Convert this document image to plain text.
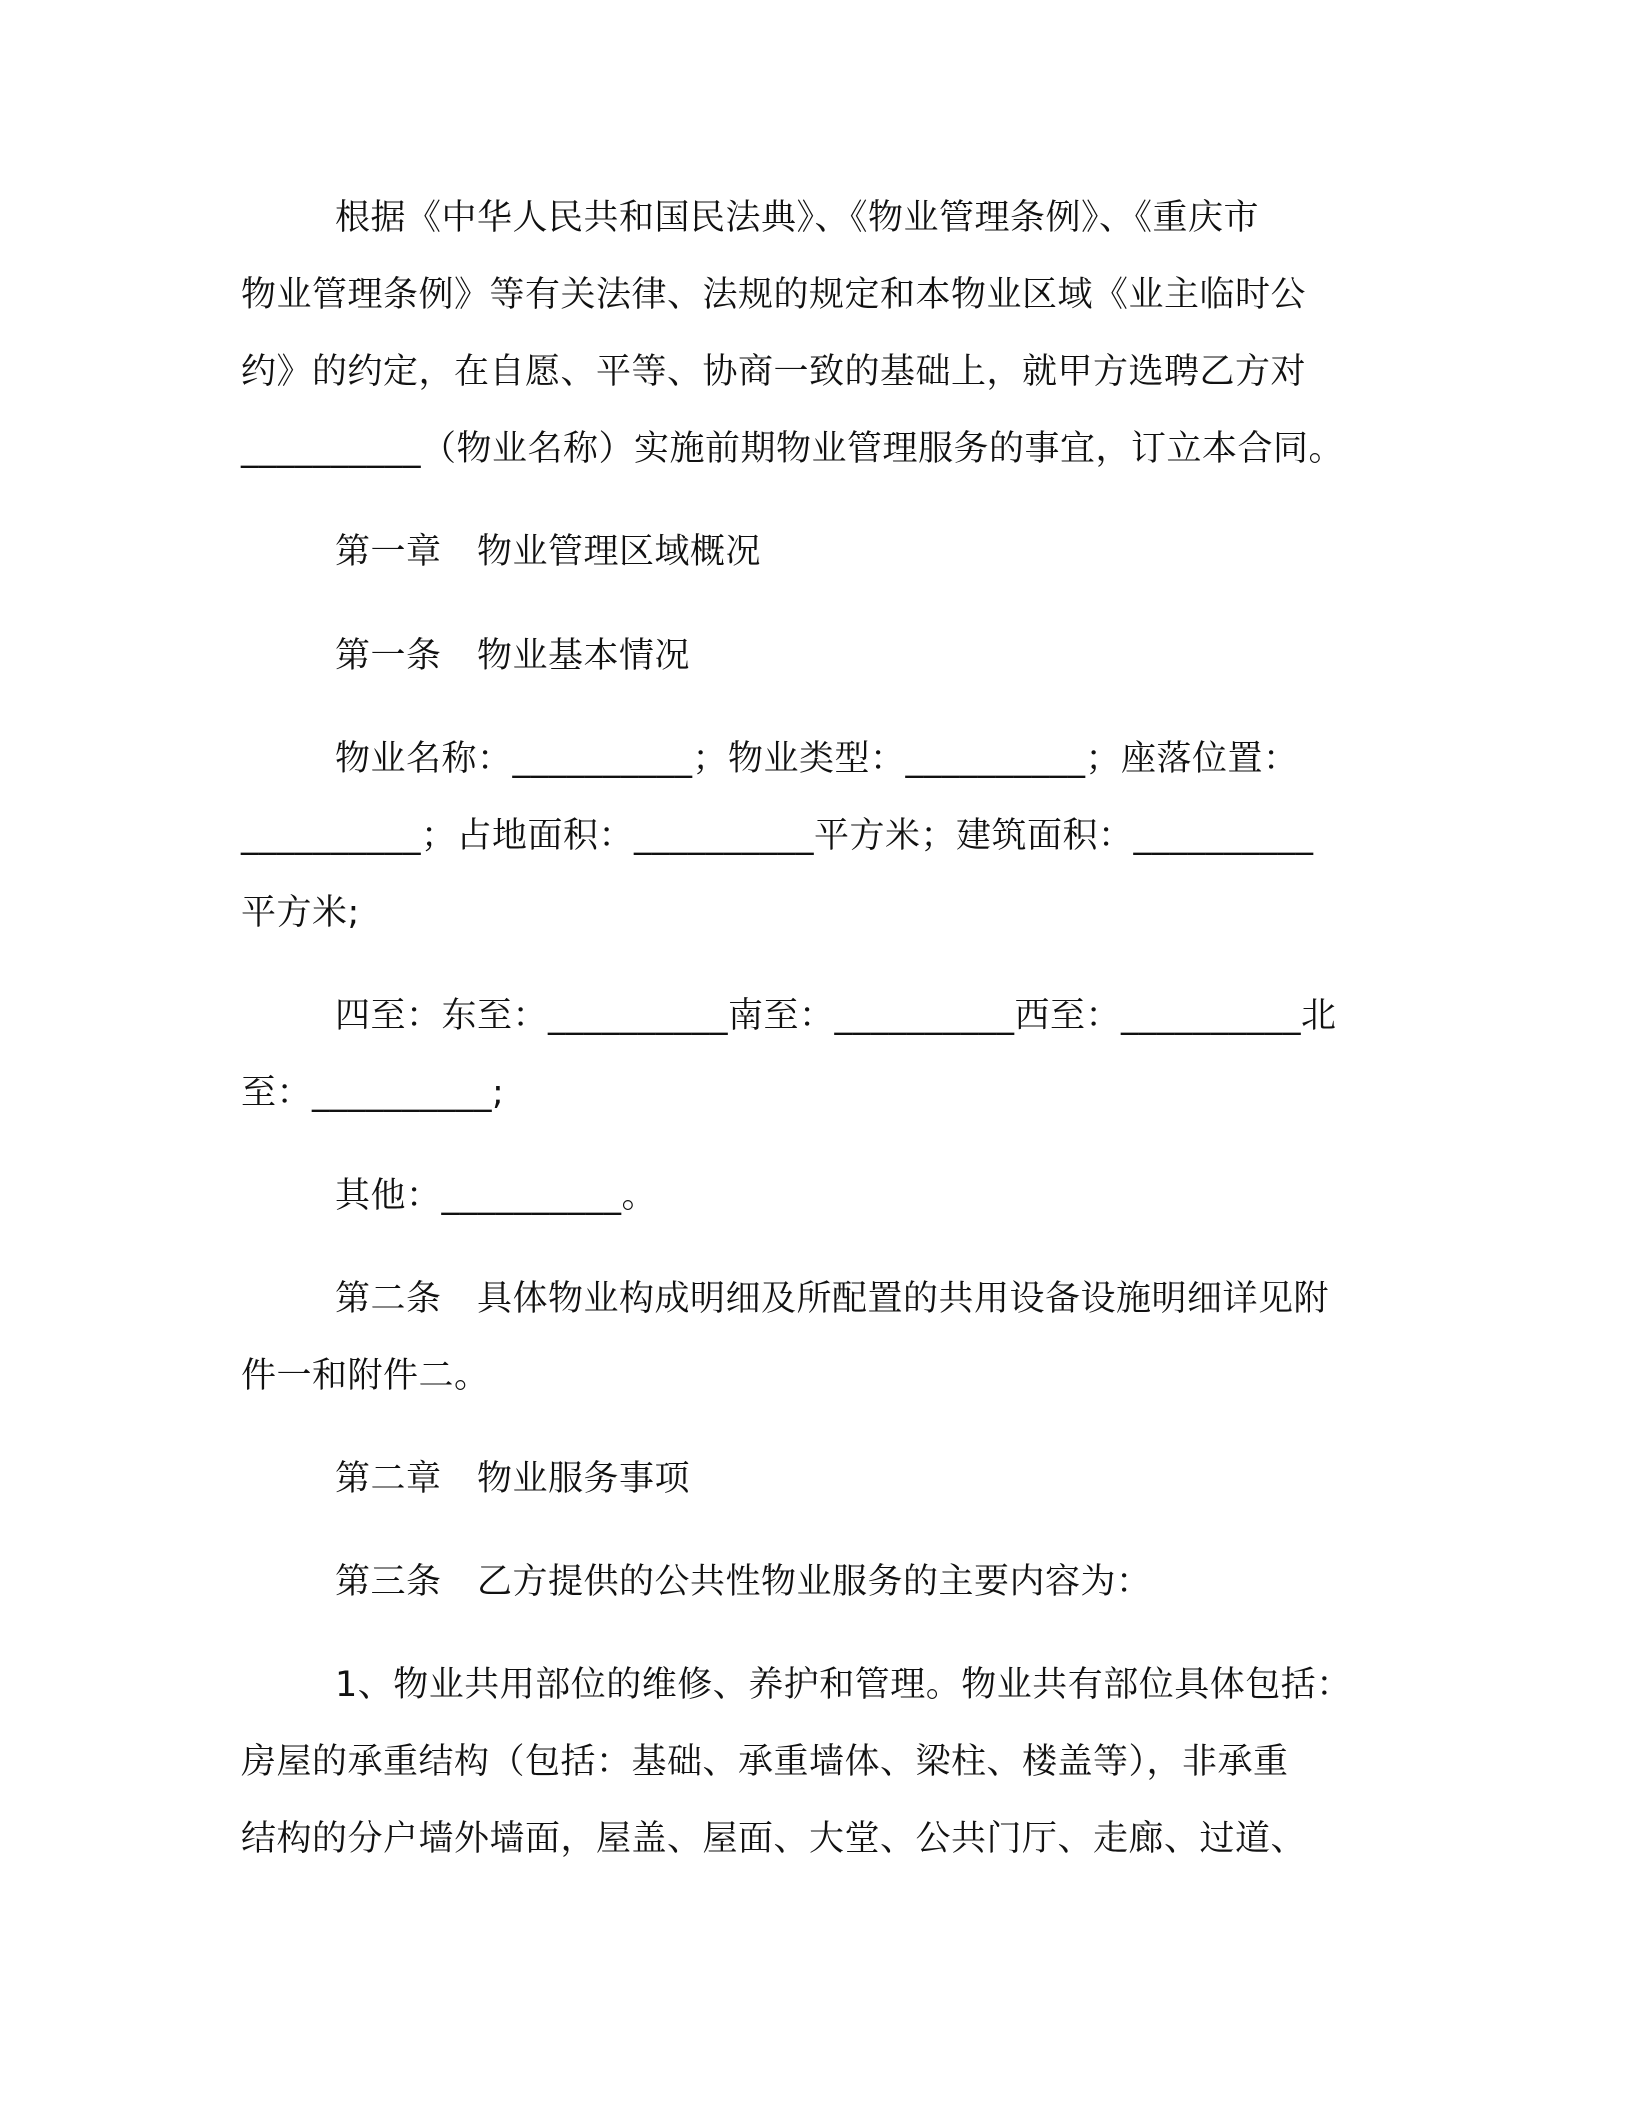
根据《中华人民共和国民法典》、《物业管理条例》、《重庆市
物业管理条例》等有关法律、法规的规定和本物业区域《业主临时公
约》的约定，在自愿、平等、协商一致的基础上，就甲方选聘乙方对
__________（物业名称）实施前期物业管理服务的事宜，订立本合同。
第一章　物业管理区域概况
第一条　物业基本情况
物业名称：__________；物业类型：__________；座落位置：
__________；占地面积：__________平方米；建筑面积：__________
平方米;
四至：东至：__________南至：__________西至：__________北
至：__________;
其他：__________。
第二条　具体物业构成明细及所配置的共用设备设施明细详见附
件一和附件二。
第二章　物业服务事项
第三条　乙方提供的公共性物业服务的主要内容为：
1、物业共用部位的维修、养护和管理。物业共有部位具体包括：
房屋的承重结构（包括：基础、承重墙体、梁柱、楼盖等），非承重
结构的分户墙外墙面，屋盖、屋面、大堂、公共门厅、走廊、过道、
